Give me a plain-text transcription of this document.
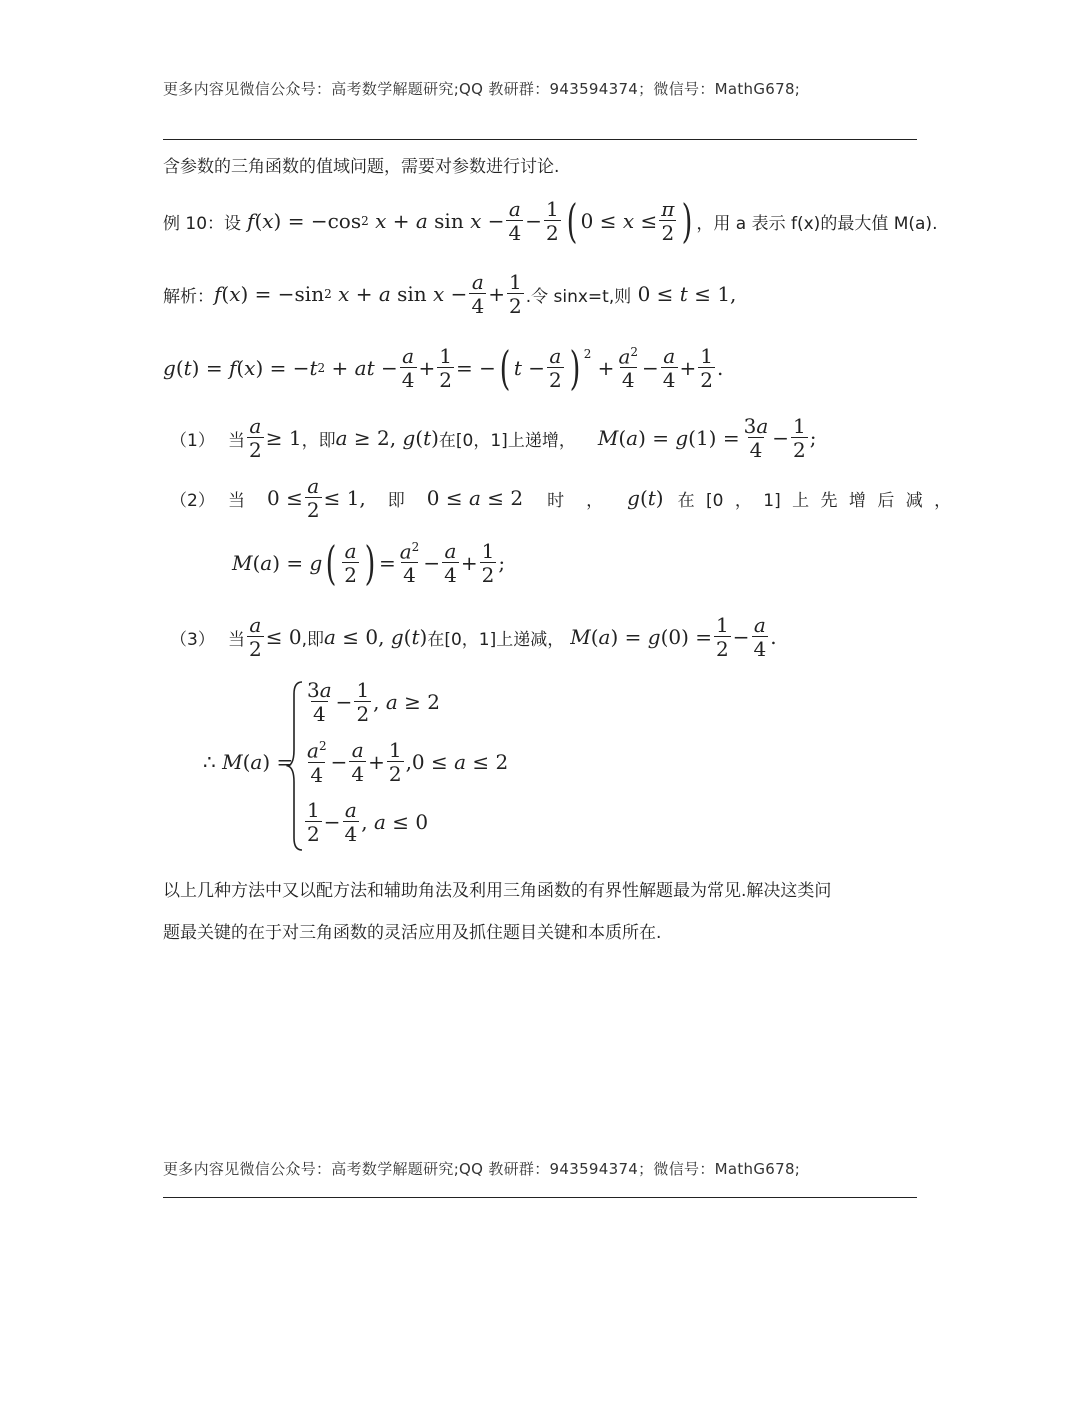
更多内容见微信公众号：高考数学解题研究;QQ 教研群：943594374；微信号：MathG678;
含参数的三角函数的值域问题，需要对参数进行讨论.
例 10：设 f ( x ) = −cos 2
x + a $\sin x - \frac{a}{4} - \frac{1}{2}$ ( $0 \le x \le \frac{\pi}{2}$ ) ，用 a 表示 f(x)的最大值 M(a).
解析： f ( x ) = −sin 2
x + a $\sin x - \frac{a}{4} + \frac{1}{2}$ .令 sinx=t,则 0 ≤ t ≤ 1,
g ( t ) = f ( x ) = − t 2 + at − $\frac{a}{4} + \frac{1}{2}$ = − ( $t - \frac{a}{2}$ ) $^2$
+ $\frac{a^2}{4} - \frac{a}{4} + \frac{1}{2}$ .
（1） 当 $\frac{a}{2} \ge 1$ ，即 a ≥ 2, g(t) 在[0，1]上递增， M ( a ) = g $(1) = \frac{3a}{4} - \frac{1}{2}$ ;
（2） 当 $0 \le \frac{a}{2} \le 1$, 即 0 ≤ a ≤ 2 时 ， g(t) 在 [0 ， 1] 上 先 增 后 减 ，
M ( a ) = g ( $\frac{a}{2}$ ) = $\frac{a^2}{4} - \frac{a}{4} + \frac{1}{2}$ ;
（3） 当 $\frac{a}{2} \le 0$ ,即 a ≤ 0, g(t) 在[0，1]上递减， M ( a ) = g $(0) = \frac{1}{2} - \frac{a}{4}$ .
∴ M(a) =
$\frac{3a}{4} - \frac{1}{2}$ , a ≥ 2
$\frac{a^2}{4} - \frac{a}{4} + \frac{1}{2} ,0 \le a \le 2$
$\frac{1}{2} - \frac{a}{4}$ , a ≤ 0
以上几种方法中又以配方法和辅助角法及利用三角函数的有界性解题最为常见.解决这类问
题最关键的在于对三角函数的灵活应用及抓住题目关键和本质所在.
更多内容见微信公众号：高考数学解题研究;QQ 教研群：943594374；微信号：MathG678;
